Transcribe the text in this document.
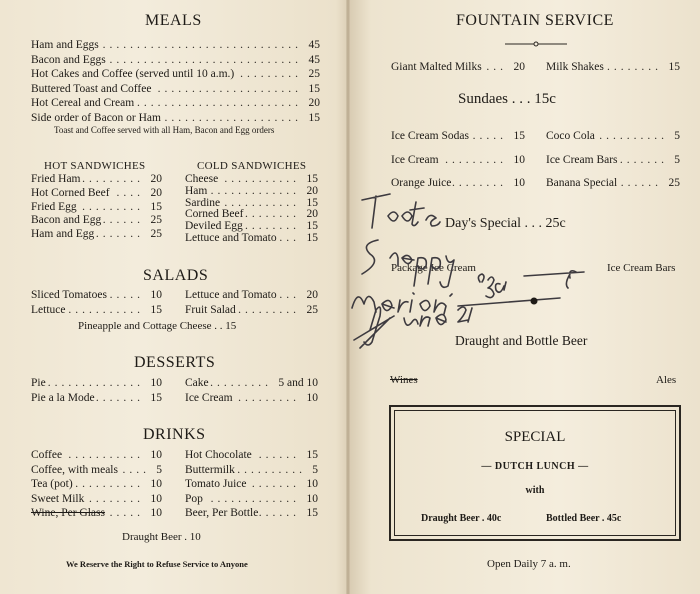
MEALS
Ham and Eggs ............................. 45
Bacon and Eggs ............................ 45
Hot Cakes and Coffee (served until 10 a.m.) ......... 25
Buttered Toast and Coffee ..................... 15
Hot Cereal and Cream ........................ 20
Side order of Bacon or Ham .................... 15
Toast and Coffee served with all Ham, Bacon and Egg orders
HOT SANDWICHES	COLD SANDWICHES
Fried Ham ......... 20
Hot Corned Beef .... 20
Fried Egg ......... 15
Bacon and Egg ...... 25
Ham and Egg ....... 25
Cheese ........... 15
Ham ............. 20
Sardine ........... 15
Corned Beef ........ 20
Deviled Egg ........ 15
Lettuce and Tomato ... 15
SALADS
Sliced Tomatoes ..... 10
Lettuce ........... 15
Lettuce and Tomato ... 20
Fruit Salad ......... 25
Pineapple and Cottage Cheese . . 15
DESSERTS
Pie .............. 10
Pie a la Mode ....... 15
Cake ......... 5 and 10
Ice Cream ......... 10
DRINKS
Coffee ........... 10
Coffee, with meals .... 5
Tea (pot) .......... 10
Sweet Milk ........ 10
Wine, Per Glass ..... 10
Hot Chocolate ...... 15
Buttermilk .......... 5
Tomato Juice ....... 10
Pop ............. 10
Beer, Per Bottle ...... 15
Draught Beer . 10
We Reserve the Right to Refuse Service to Anyone
FOUNTAIN SERVICE
Giant Malted Milks ... 20 Milk Shakes ........ 15
Sundaes . . . 15c
Ice Cream Sodas ..... 15
Ice Cream ......... 10
Orange Juice ........ 10
Coco Cola .......... 5
Ice Cream Bars ....... 5
Banana Special ...... 25
Day's Special . . . 25c
Package Ice Cream	Ice Cream Bars
Draught and Bottle Beer
Wines	Ales
SPECIAL
— DUTCH LUNCH —
with
Draught Beer . 40c	Bottled Beer . 45c
Open Daily 7 a. m.
